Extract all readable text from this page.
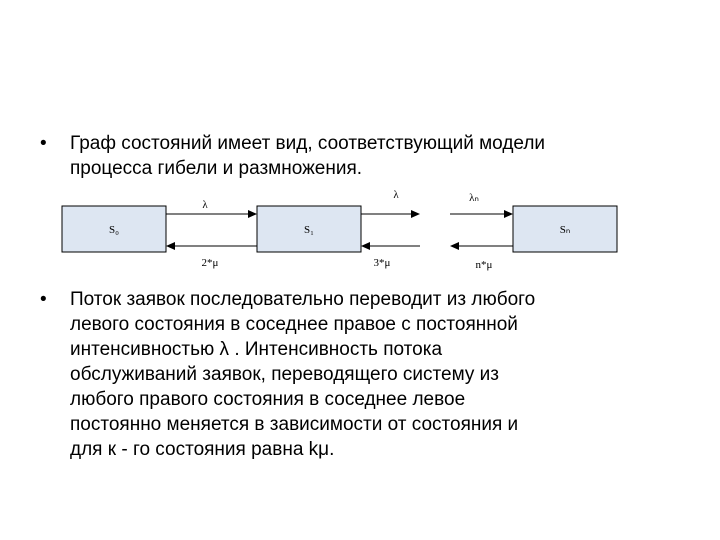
• Граф состояний имеет вид, соответствующий модели
процесса гибели и размножения.
S₀	S₁	Sₙ
λ
λ	λₙ
2*μ	3*μ	n*μ
• Поток заявок последовательно переводит из любого
левого состояния в соседнее правое с постоянной
интенсивностью λ . Интенсивность потока
обслуживаний заявок, переводящего систему из
любого правого состояния в соседнее левое
постоянно меняется в зависимости от состояния и
для к - го состояния равна kμ.
